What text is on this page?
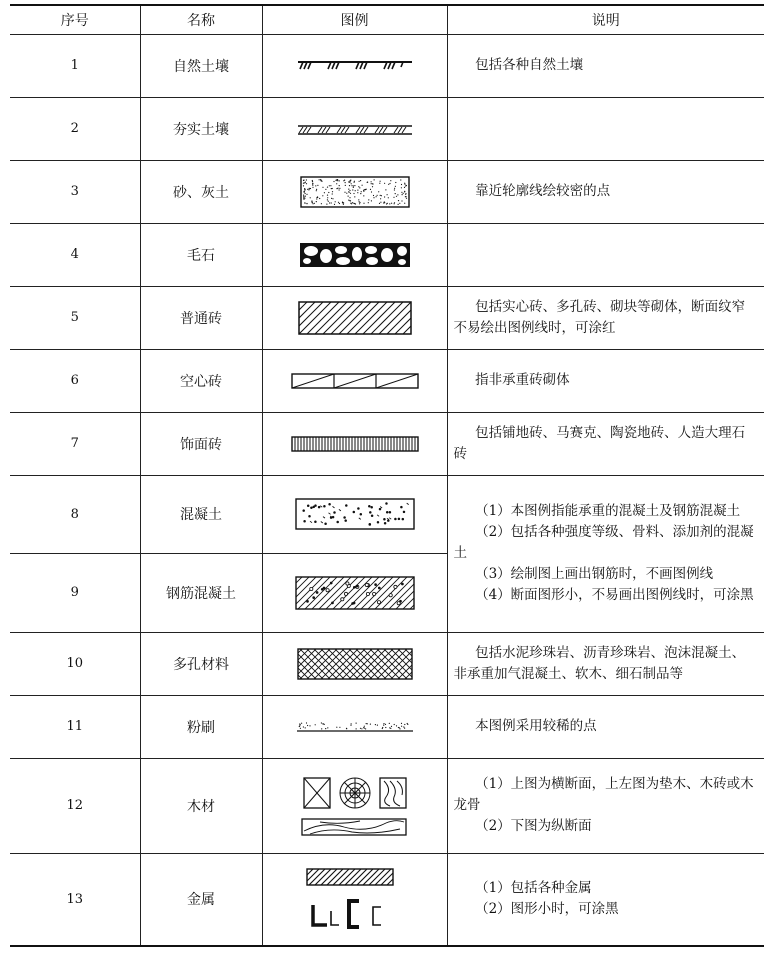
序号	名称	图例	说明
1	自然土壤		包括各种自然土壤
2	夯实土壤	

3	砂、灰土		靠近轮廓线绘较密的点
4	毛石	

5	普通砖		包括实心砖、多孔砖、砌块等砌体，断面纹窄不易绘出图例线时，可涂红
6	空心砖		指非承重砖砌体
7	饰面砖		包括铺地砖、马赛克、陶瓷地砖、人造大理石砖
8	混凝土		（1）本图例指能承重的混凝土及钢筋混凝土
（2）包括各种强度等级、骨料、添加剂的混凝土
（3）绘制图上画出钢筋时，不画图例线
（4）断面图形小，不易画出图例线时，可涂黑

9	钢筋混凝土	

10	多孔材料		包括水泥珍珠岩、沥青珍珠岩、泡沫混凝土、非承重加气混凝土、软木、细石制品等
11	粉刷		本图例采用较稀的点
12	木材		（1）上图为横断面，上左图为垫木、木砖或木龙骨
（2）下图为纵断面

13	金属		（1）包括各种金属
（2）图形小时，可涂黑
